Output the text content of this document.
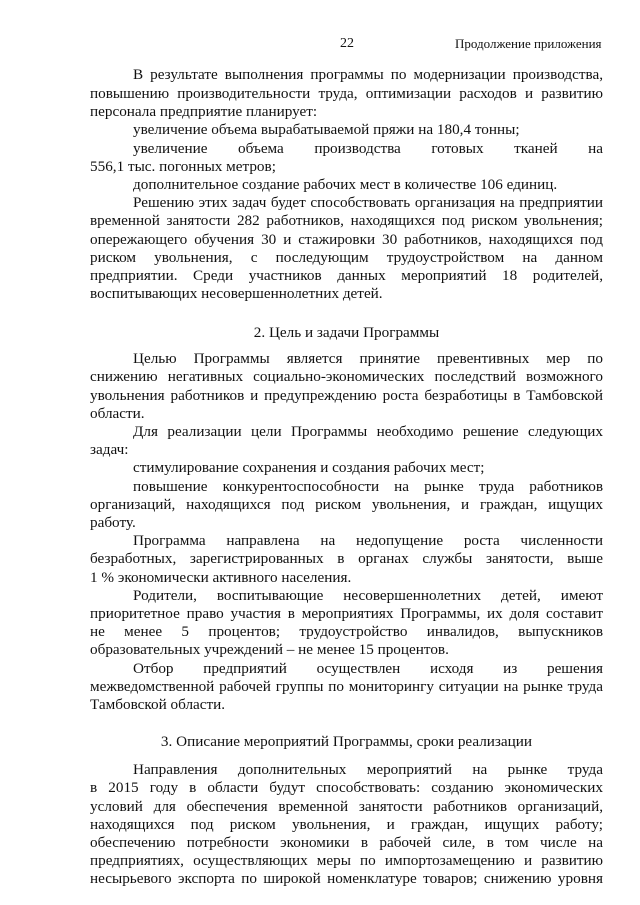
22	Продолжение приложения
В результате выполнения программы по модернизации производства,
повышению производительности труда, оптимизации расходов и развитию
персонала предприятие планирует:
увеличение объема вырабатываемой пряжи на 180,4 тонны;
увеличение объема производства готовых тканей на
556,1 тыс. погонных метров;
дополнительное создание рабочих мест в количестве 106 единиц.
Решению этих задач будет способствовать организация на предприятии
временной занятости 282 работников, находящихся под риском увольнения;
опережающего обучения 30 и стажировки 30 работников, находящихся под
риском увольнения, с последующим трудоустройством на данном
предприятии. Среди участников данных мероприятий 18 родителей,
воспитывающих несовершеннолетних детей.
2. Цель и задачи Программы
Целью Программы является принятие превентивных мер по
снижению негативных социально-экономических последствий возможного
увольнения работников и предупреждению роста безработицы в Тамбовской
области.
Для реализации цели Программы необходимо решение следующих
задач:
стимулирование сохранения и создания рабочих мест;
повышение конкурентоспособности на рынке труда работников
организаций, находящихся под риском увольнения, и граждан, ищущих
работу.
Программа направлена на недопущение роста численности
безработных, зарегистрированных в органах службы занятости, выше
1 % экономически активного населения.
Родители, воспитывающие несовершеннолетних детей, имеют
приоритетное право участия в мероприятиях Программы, их доля составит
не менее 5 процентов; трудоустройство инвалидов, выпускников
образовательных учреждений – не менее 15 процентов.
Отбор предприятий осуществлен исходя из решения
межведомственной рабочей группы по мониторингу ситуации на рынке труда
Тамбовской области.
3. Описание мероприятий Программы, сроки реализации
Направления дополнительных мероприятий на рынке труда
в 2015 году в области будут способствовать: созданию экономических
условий для обеспечения временной занятости работников организаций,
находящихся под риском увольнения, и граждан, ищущих работу;
обеспечению потребности экономики в рабочей силе, в том числе на
предприятиях, осуществляющих меры по импортозамещению и развитию
несырьевого экспорта по широкой номенклатуре товаров; снижению уровня
